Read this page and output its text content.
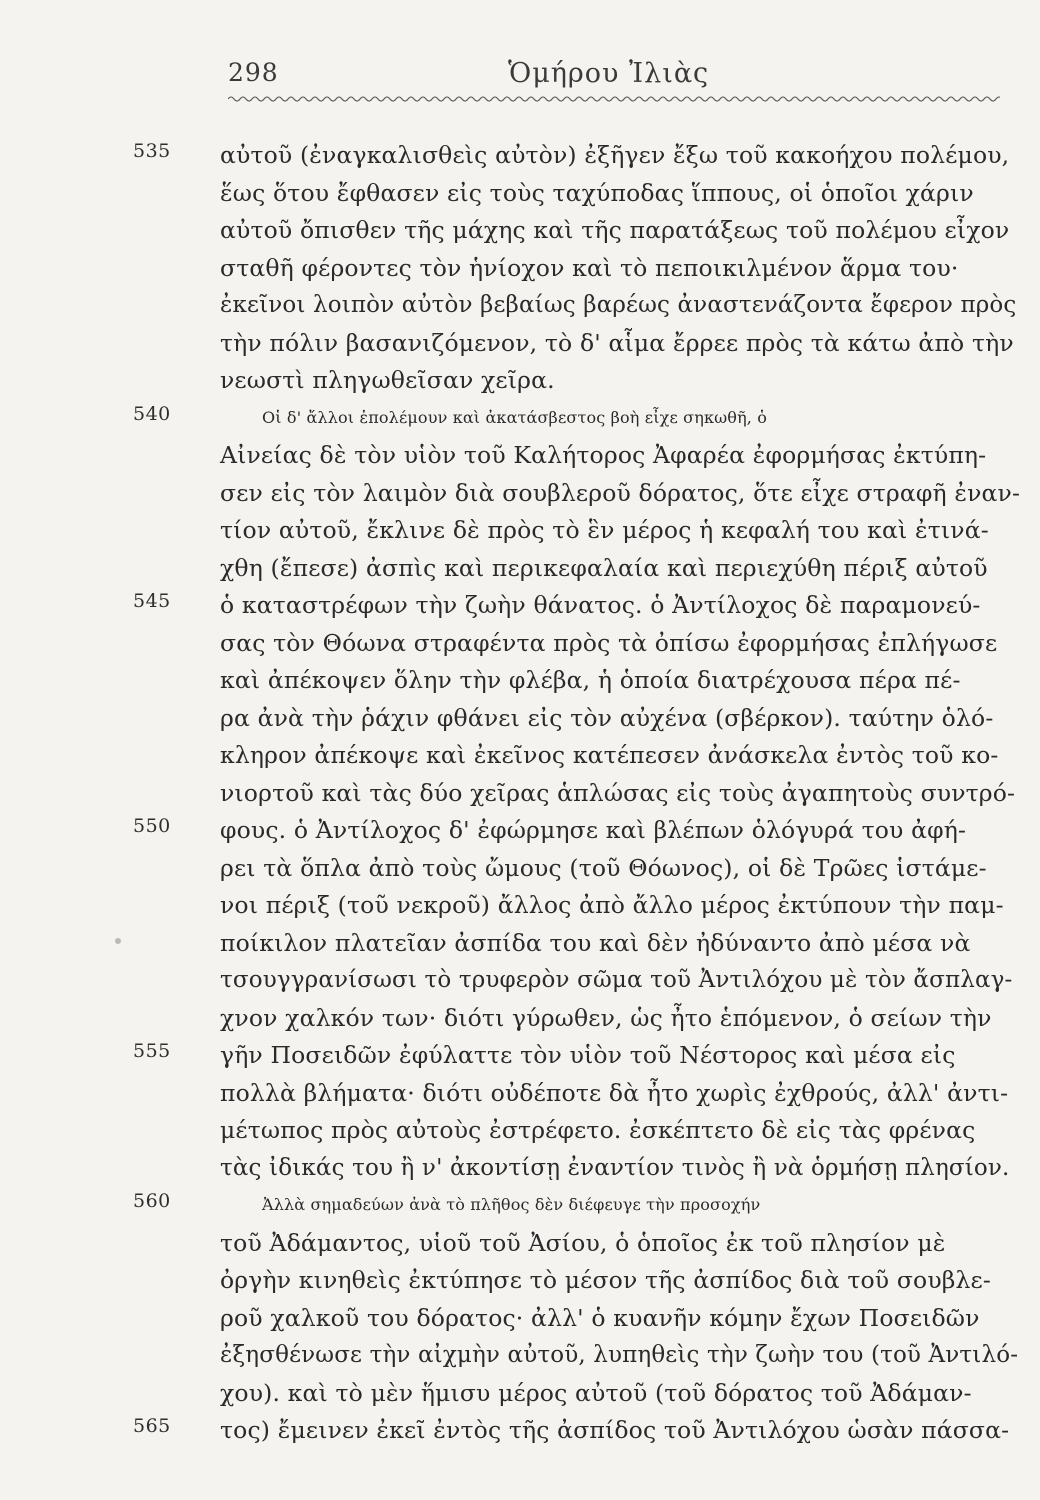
298	Ὁμήρου Ἰλιὰς
535	αὐτοῦ (ἐναγκαλισθεὶς αὐτὸν) ἐξῆγεν ἔξω τοῦ κακοήχου πολέμου,
ἕως ὅτου ἔφθασεν εἰς τοὺς ταχύποδας ἵππους, οἱ ὁποῖοι χάριν
αὐτοῦ ὄπισθεν τῆς μάχης καὶ τῆς παρατάξεως τοῦ πολέμου εἶχον
σταθῆ φέροντες τὸν ἡνίοχον καὶ τὸ πεποικιλμένον ἅρμα του·
ἐκεῖνοι λοιπὸν αὐτὸν βεβαίως βαρέως ἀναστενάζοντα ἔφερον πρὸς
τὴν πόλιν βασανιζόμενον, τὸ δ' αἷμα ἔρρεε πρὸς τὰ κάτω ἀπὸ τὴν
νεωστὶ πληγωθεῖσαν χεῖρα.
540	Οἱ δ' ἄλλοι ἐπολέμουν καὶ ἀκατάσβεστος βοὴ εἶχε σηκωθῆ, ὁ
Αἰνείας δὲ τὸν υἱὸν τοῦ Καλήτορος Ἀφαρέα ἐφορμήσας ἐκτύπη-
σεν εἰς τὸν λαιμὸν διὰ σουβλεροῦ δόρατος, ὅτε εἶχε στραφῆ ἐναν-
τίον αὐτοῦ, ἔκλινε δὲ πρὸς τὸ ἓν μέρος ἡ κεφαλή του καὶ ἐτινά-
χθη (ἔπεσε) ἀσπὶς καὶ περικεφαλαία καὶ περιεχύθη πέριξ αὐτοῦ
545	ὁ καταστρέφων τὴν ζωὴν θάνατος. ὁ Ἀντίλοχος δὲ παραμονεύ-
σας τὸν Θόωνα στραφέντα πρὸς τὰ ὀπίσω ἐφορμήσας ἐπλήγωσε
καὶ ἀπέκοψεν ὅλην τὴν φλέβα, ἡ ὁποία διατρέχουσα πέρα πέ-
ρα ἀνὰ τὴν ῥάχιν φθάνει εἰς τὸν αὐχένα (σβέρκον). ταύτην ὁλό-
κληρον ἀπέκοψε καὶ ἐκεῖνος κατέπεσεν ἀνάσκελα ἐντὸς τοῦ κο-
νιορτοῦ καὶ τὰς δύο χεῖρας ἁπλώσας εἰς τοὺς ἀγαπητοὺς συντρό-
550	φους. ὁ Ἀντίλοχος δ' ἐφώρμησε καὶ βλέπων ὁλόγυρά του ἀφή-
ρει τὰ ὅπλα ἀπὸ τοὺς ὤμους (τοῦ Θόωνος), οἱ δὲ Τρῶες ἱστάμε-
νοι πέριξ (τοῦ νεκροῦ) ἄλλος ἀπὸ ἄλλο μέρος ἐκτύπουν τὴν παμ-
ποίκιλον πλατεῖαν ἀσπίδα του καὶ δὲν ἠδύναντο ἀπὸ μέσα νὰ
τσουγγρανίσωσι τὸ τρυφερὸν σῶμα τοῦ Ἀντιλόχου μὲ τὸν ἄσπλαγ-
χνον χαλκόν των· διότι γύρωθεν, ὡς ἦτο ἑπόμενον, ὁ σείων τὴν
555	γῆν Ποσειδῶν ἐφύλαττε τὸν υἱὸν τοῦ Νέστορος καὶ μέσα εἰς
πολλὰ βλήματα· διότι οὐδέποτε δὰ ἦτο χωρὶς ἐχθρούς, ἀλλ' ἀντι-
μέτωπος πρὸς αὐτοὺς ἐστρέφετο. ἐσκέπτετο δὲ εἰς τὰς φρένας
τὰς ἰδικάς του ἢ ν' ἀκοντίσῃ ἐναντίον τινὸς ἢ νὰ ὁρμήσῃ πλησίον.
560	Ἀλλὰ σημαδεύων ἀνὰ τὸ πλῆθος δὲν διέφευγε τὴν προσοχήν
τοῦ Ἀδάμαντος, υἱοῦ τοῦ Ἀσίου, ὁ ὁποῖος ἐκ τοῦ πλησίον μὲ
ὀργὴν κινηθεὶς ἐκτύπησε τὸ μέσον τῆς ἀσπίδος διὰ τοῦ σουβλε-
ροῦ χαλκοῦ του δόρατος· ἀλλ' ὁ κυανῆν κόμην ἔχων Ποσειδῶν
ἐξησθένωσε τὴν αἰχμὴν αὐτοῦ, λυπηθεὶς τὴν ζωὴν του (τοῦ Ἀντιλό-
χου). καὶ τὸ μὲν ἥμισυ μέρος αὐτοῦ (τοῦ δόρατος τοῦ Ἀδάμαν-
565	τος) ἔμεινεν ἐκεῖ ἐντὸς τῆς ἀσπίδος τοῦ Ἀντιλόχου ὡσὰν πάσσα-
